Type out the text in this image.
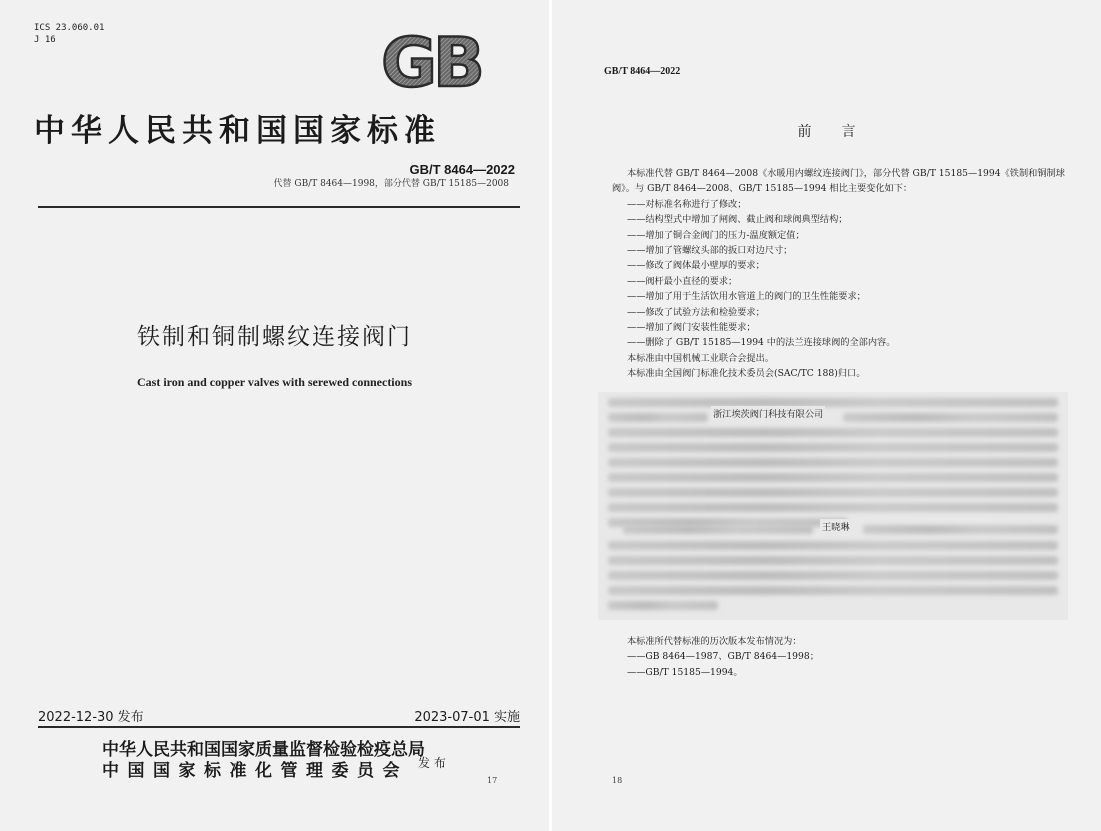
ICS 23.060.01
J 16	GB
中华人民共和国国家标准
GB/T 8464—2022
代替 GB/T 8464—1998，部分代替 GB/T 15185—2008
铁制和铜制螺纹连接阀门
Cast iron and copper valves with serewed connections
2022-12-30 发布	2023-07-01 实施
中华人民共和国国家质量监督检验检疫总局
中国国家标准化管理委员会 发 布
17
GB/T 8464—2022
前言

本标准代替 GB/T 8464—2008《水暖用内螺纹连接阀门》，部分代替 GB/T 15185—1994《铁制和铜制球阀》。与 GB/T 8464—2008、GB/T 15185—1994 相比主要变化如下：

——对标准名称进行了修改；

——结构型式中增加了闸阀、截止阀和球阀典型结构；

——增加了铜合金阀门的压力-温度额定值；

——增加了管螺纹头部的扳口对边尺寸；

——修改了阀体最小壁厚的要求；

——阀杆最小直径的要求；

——增加了用于生活饮用水管道上的阀门的卫生性能要求；

——修改了试验方法和检验要求；

——增加了阀门安装性能要求；

——删除了 GB/T 15185—1994 中的法兰连接球阀的全部内容。

本标准由中国机械工业联合会提出。

本标准由全国阀门标准化技术委员会(SAC/TC 188)归口。

浙江埃茨阀门科技有限公司
王晓琳
本标准所代替标准的历次版本发布情况为：
——GB 8464—1987、GB/T 8464—1998；
——GB/T 15185—1994。
18
